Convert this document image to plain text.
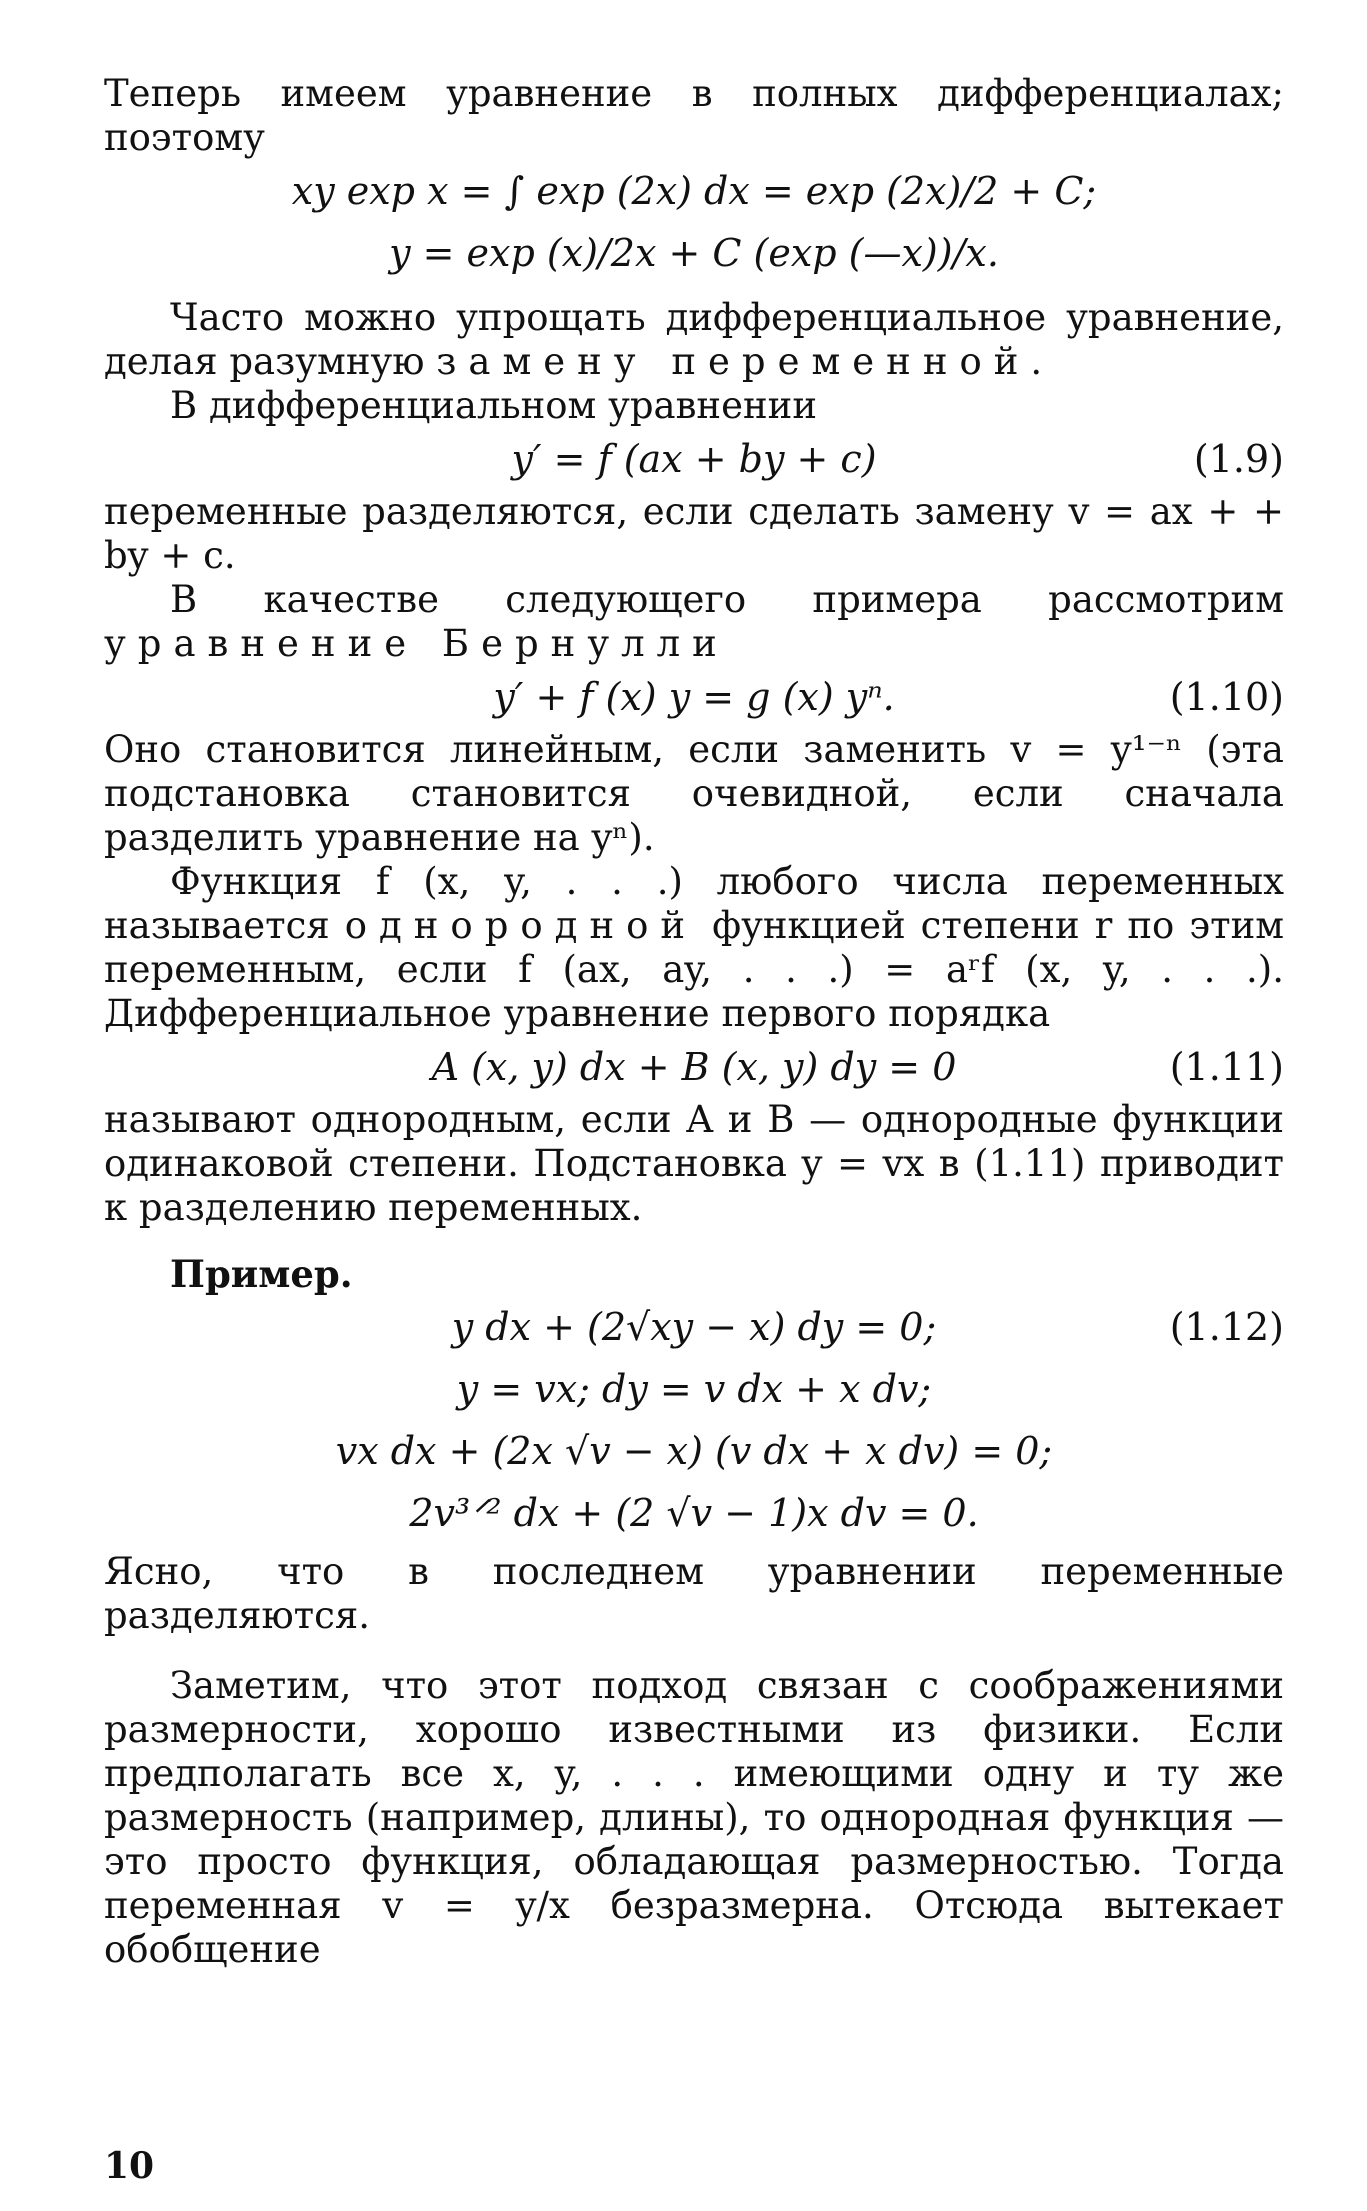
Теперь имеем уравнение в полных дифференциалах;

поэтому

xy exp x = ∫ exp (2x) dx = exp (2x)/2 + C;
y = exp (x)/2x + C (exp (—x))/x.

Часто можно упрощать дифференциальное уравнение, делая разумную замену переменной.

В дифференциальном уравнении

y′ = f (ax + by + c)	(1.9)

переменные разделяются, если сделать замену v = ax + + by + c.

В качестве следующего примера рассмотрим уравнение Бернулли

y′ + f (x) y = g (x) yⁿ.	(1.10)

Оно становится линейным, если заменить v = y¹⁻ⁿ (эта подстановка становится очевидной, если сначала разделить уравнение на yⁿ).

Функция f (x, y, . . .) любого числа переменных называется однородной функцией степени r по этим переменным, если f (ax, ay, . . .) = aʳf (x, y, . . .). Дифференциальное уравнение первого порядка

A (x, y) dx + B (x, y) dy = 0	(1.11)

называют однородным, если A и B — однородные функции одинаковой степени. Подстановка y = vx в (1.11) приводит к разделению переменных.

Пример.

y dx + (2√xy − x) dy = 0;	(1.12)
y = vx; dy = v dx + x dv;
vx dx + (2x √v − x) (v dx + x dv) = 0;
2v³ᐟ² dx + (2 √v − 1)x dv = 0.

Ясно, что в последнем уравнении переменные разделяются.

Заметим, что этот подход связан с соображениями размерности, хорошо известными из физики. Если предполагать все x, y, . . . имеющими одну и ту же размерность (например, длины), то однородная функция — это просто функция, обладающая размерностью. Тогда переменная v = y/x безразмерна. Отсюда вытекает обобщение

10
